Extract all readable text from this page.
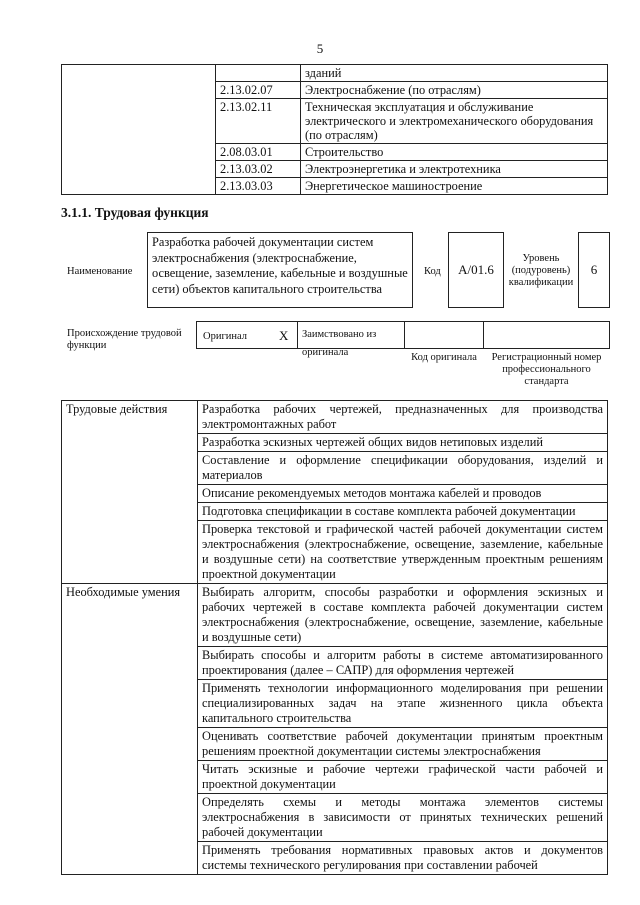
5
		зданий
	2.13.02.07	Электроснабжение (по отраслям)
	2.13.02.11	Техническая эксплуатация и обслуживание электрического и электромеханического оборудования (по отраслям)
	2.08.03.01	Строительство
	2.13.03.02	Электроэнергетика и электротехника
	2.13.03.03	Энергетическое машиностроение
3.1.1. Трудовая функция
Наименование
Разработка рабочей документации систем электроснабжения (электроснабжение, освещение, заземление, кабельные и воздушные сети) объектов капитального строительства
Код	A/01.6
Уровень (подуровень) квалификации
6
Происхождение трудовой функции
Оригинал X	Заимствовано из оригинала	Код оригинала	Регистрационный номер профессионального стандарта
Трудовые действия	Разработка рабочих чертежей, предназначенных для производства электромонтажных работ
	Разработка эскизных чертежей общих видов нетиповых изделий
	Составление и оформление спецификации оборудования, изделий и материалов
	Описание рекомендуемых методов монтажа кабелей и проводов
	Подготовка спецификации в составе комплекта рабочей документации
	Проверка текстовой и графической частей рабочей документации систем электроснабжения (электроснабжение, освещение, заземление, кабельные и воздушные сети) на соответствие утвержденным проектным решениям проектной документации
Необходимые умения	Выбирать алгоритм, способы разработки и оформления эскизных и рабочих чертежей в составе комплекта рабочей документации систем электроснабжения (электроснабжение, освещение, заземление, кабельные и воздушные сети)
	Выбирать способы и алгоритм работы в системе автоматизированного проектирования (далее – САПР) для оформления чертежей
	Применять технологии информационного моделирования при решении специализированных задач на этапе жизненного цикла объекта капитального строительства
	Оценивать соответствие рабочей документации принятым проектным решениям проектной документации системы электроснабжения
	Читать эскизные и рабочие чертежи графической части рабочей и проектной документации
	Определять схемы и методы монтажа элементов системы электроснабжения в зависимости от принятых технических решений рабочей документации
	Применять требования нормативных правовых актов и документов системы технического регулирования при составлении рабочей
